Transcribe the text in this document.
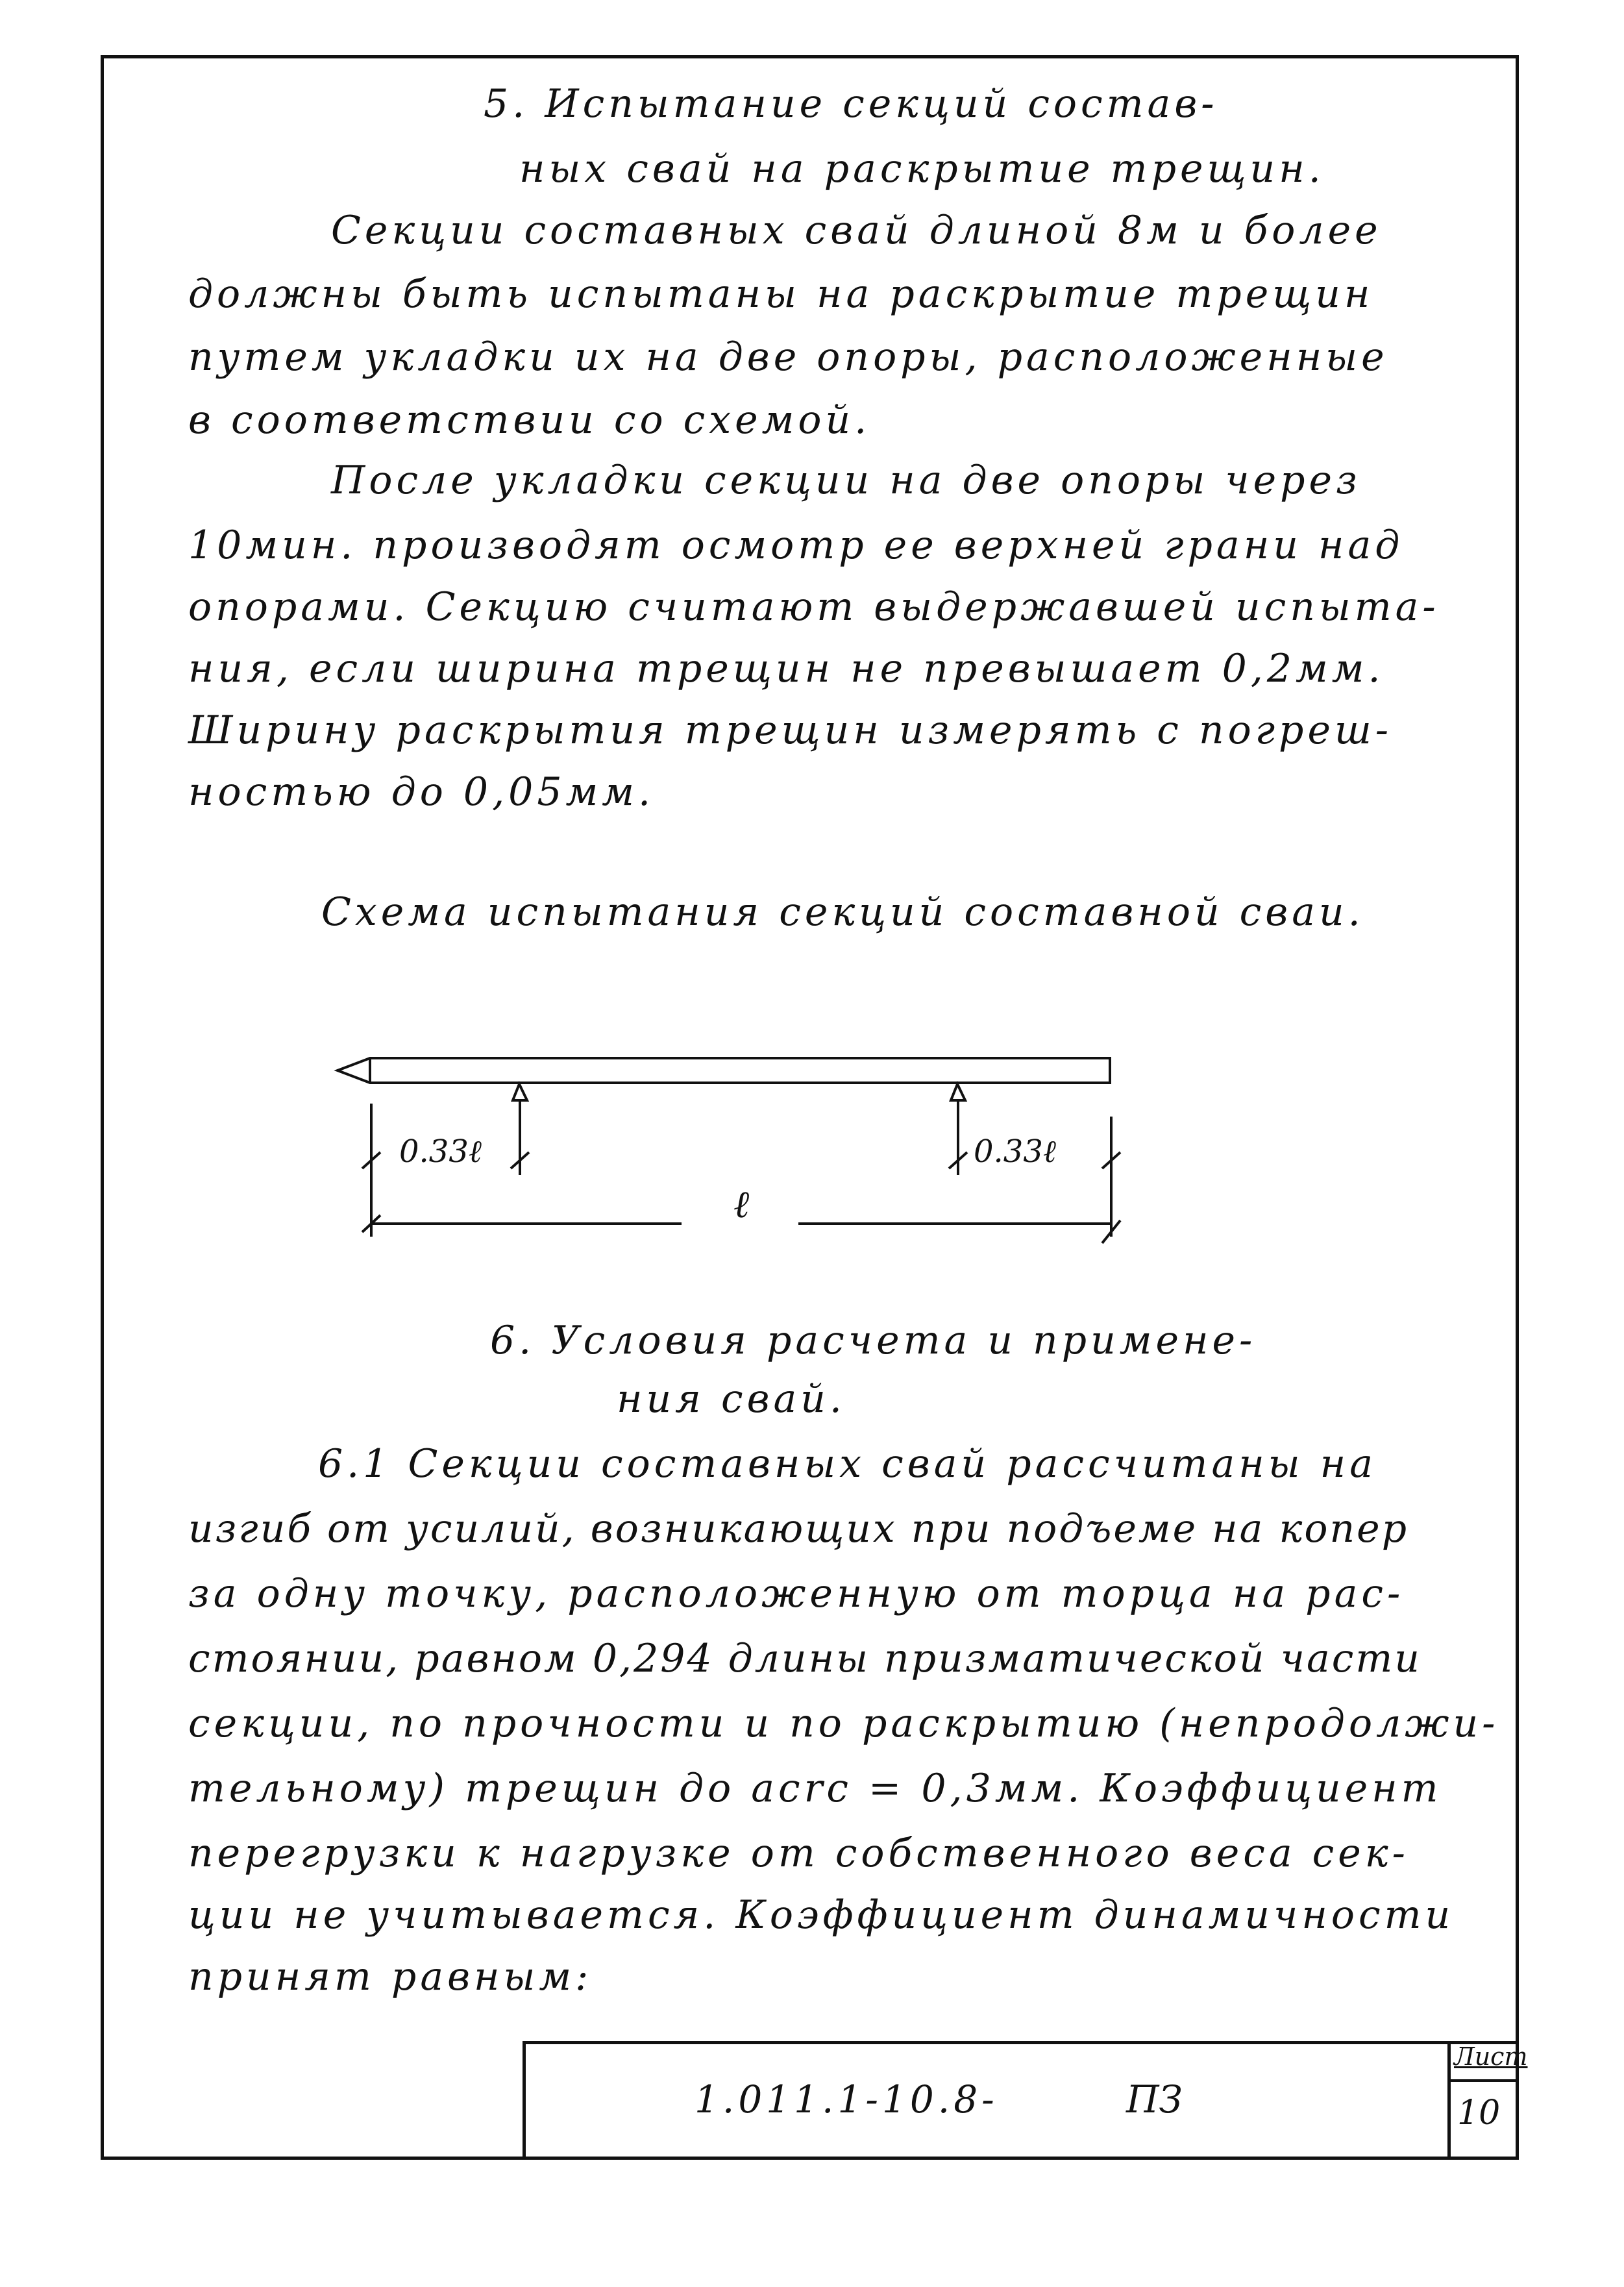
5. Испытание секций состав-
ных свай на раскрытие трещин.
Секции составных свай длиной 8м и более
должны быть испытаны на раскрытие трещин
путем укладки их на две опоры, расположенные
в соответствии со схемой.
После укладки секции на две опоры через
10мин. производят осмотр ее верхней грани над
опорами. Секцию считают выдержавшей испыта-
ния, если ширина трещин не превышает 0,2мм.
Ширину раскрытия трещин измерять с погреш-
ностью до 0,05мм.
Схема испытания секций составной сваи.
0.33ℓ	0.33ℓ
ℓ
6. Условия расчета и примене-
ния свай.
6.1 Секции составных свай рассчитаны на
изгиб от усилий, возникающих при подъеме на копер
за одну точку, расположенную от торца на рас-
стоянии, равном 0,294 длины призматической части
секции, по прочности и по раскрытию (непродолжи-
тельному) трещин до acrc = 0,3мм. Коэффициент
перегрузки к нагрузке от собственного веса сек-
ции не учитывается. Коэффициент динамичности
принят равным:
1.011.1-10.8-	ПЗ
Лист
10
